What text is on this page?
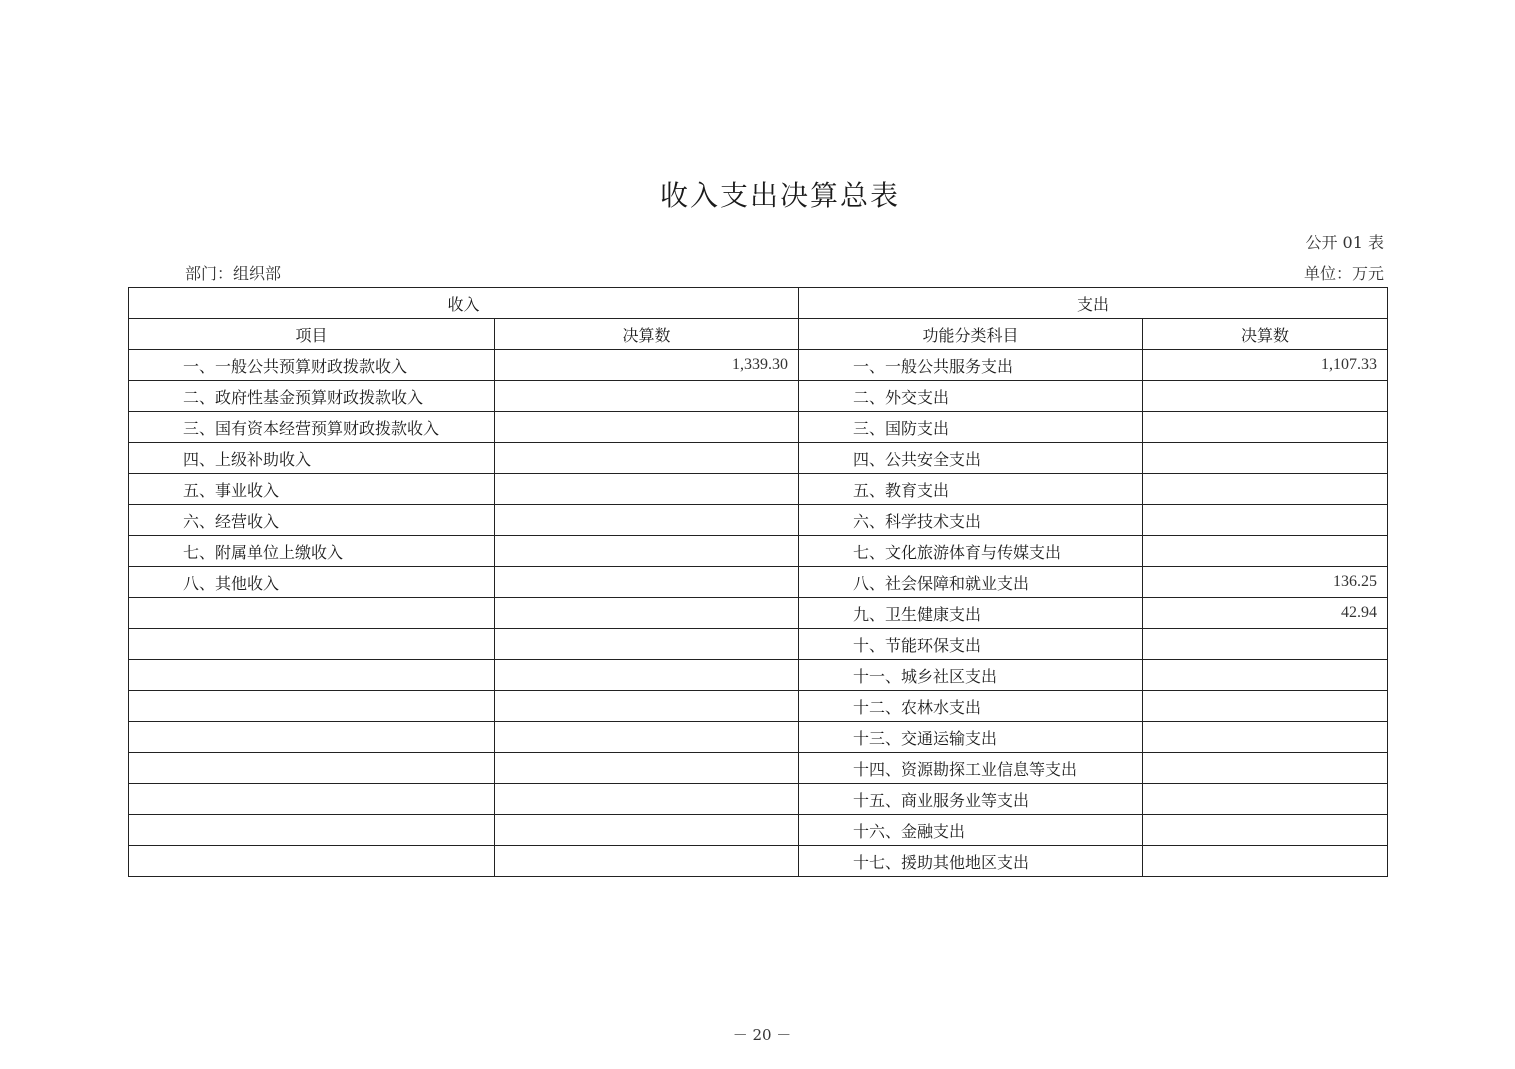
收入支出决算总表
公开 01 表
部门：组织部	单位：万元
收入		支出	
项目	决算数	功能分类科目	决算数
一、一般公共预算财政拨款收入	1,339.30	一、一般公共服务支出	1,107.33
二、政府性基金预算财政拨款收入		二、外交支出	
三、国有资本经营预算财政拨款收入		三、国防支出	
四、上级补助收入		四、公共安全支出	
五、事业收入		五、教育支出	
六、经营收入		六、科学技术支出	
七、附属单位上缴收入		七、文化旅游体育与传媒支出	
八、其他收入		八、社会保障和就业支出	136.25
		九、卫生健康支出	42.94
		十、节能环保支出	
		十一、城乡社区支出	
		十二、农林水支出	
		十三、交通运输支出	
		十四、资源勘探工业信息等支出	
		十五、商业服务业等支出	
		十六、金融支出	
		十七、援助其他地区支出	
－ 20 －
